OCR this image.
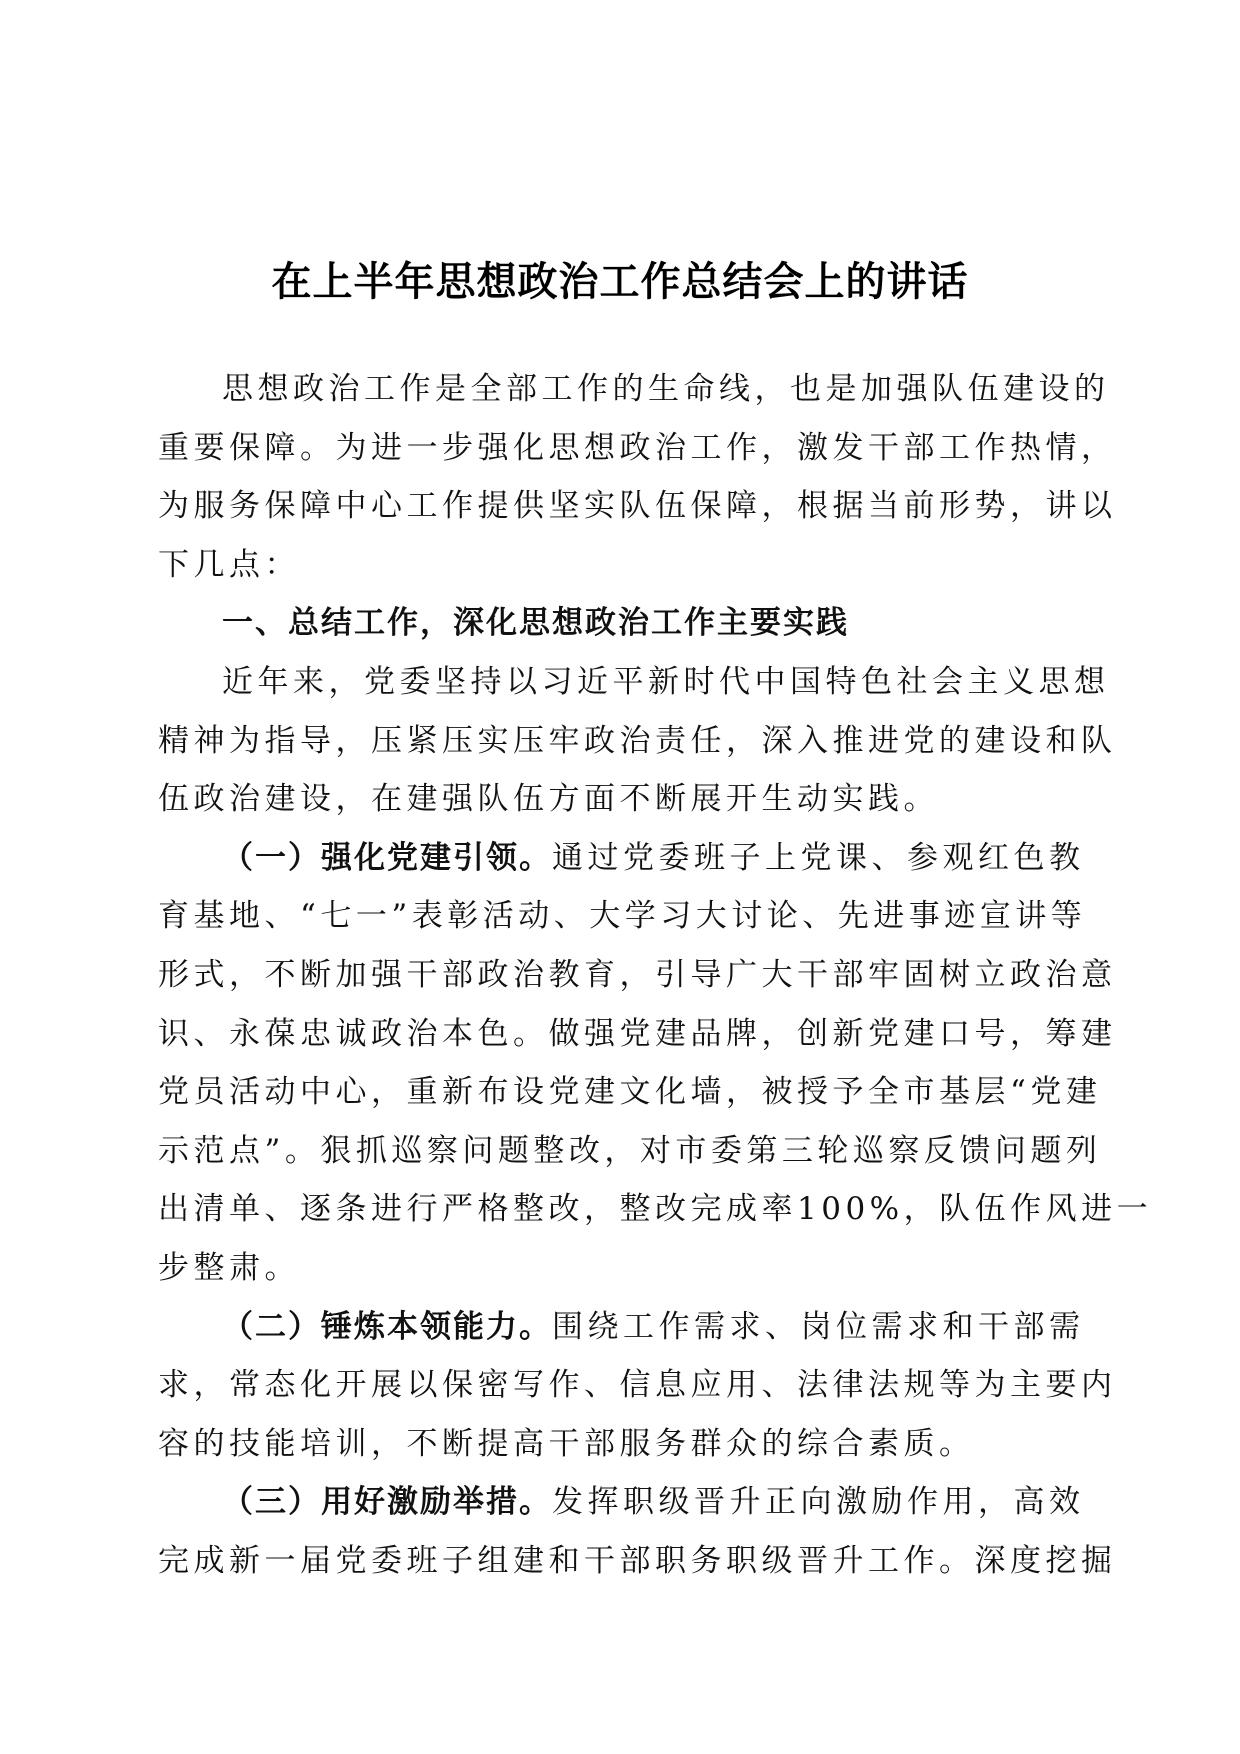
在上半年思想政治工作总结会上的讲话
思想政治工作是全部工作的生命线，也是加强队伍建设的
重要保障。为进一步强化思想政治工作，激发干部工作热情，
为服务保障中心工作提供坚实队伍保障，根据当前形势，讲以
下几点：
一、总结工作，深化思想政治工作主要实践
近年来，党委坚持以习近平新时代中国特色社会主义思想
精神为指导，压紧压实压牢政治责任，深入推进党的建设和队
伍政治建设，在建强队伍方面不断展开生动实践。
（一）强化党建引领。通过党委班子上党课、参观红色教
育基地、“七一”表彰活动、大学习大讨论、先进事迹宣讲等
形式，不断加强干部政治教育，引导广大干部牢固树立政治意
识、永葆忠诚政治本色。做强党建品牌，创新党建口号，筹建
党员活动中心，重新布设党建文化墙，被授予全市基层“党建
示范点”。狠抓巡察问题整改，对市委第三轮巡察反馈问题列
出清单、逐条进行严格整改，整改完成率100%，队伍作风进一
步整肃。
（二）锤炼本领能力。围绕工作需求、岗位需求和干部需
求，常态化开展以保密写作、信息应用、法律法规等为主要内
容的技能培训，不断提高干部服务群众的综合素质。
（三）用好激励举措。发挥职级晋升正向激励作用，高效
完成新一届党委班子组建和干部职务职级晋升工作。深度挖掘
